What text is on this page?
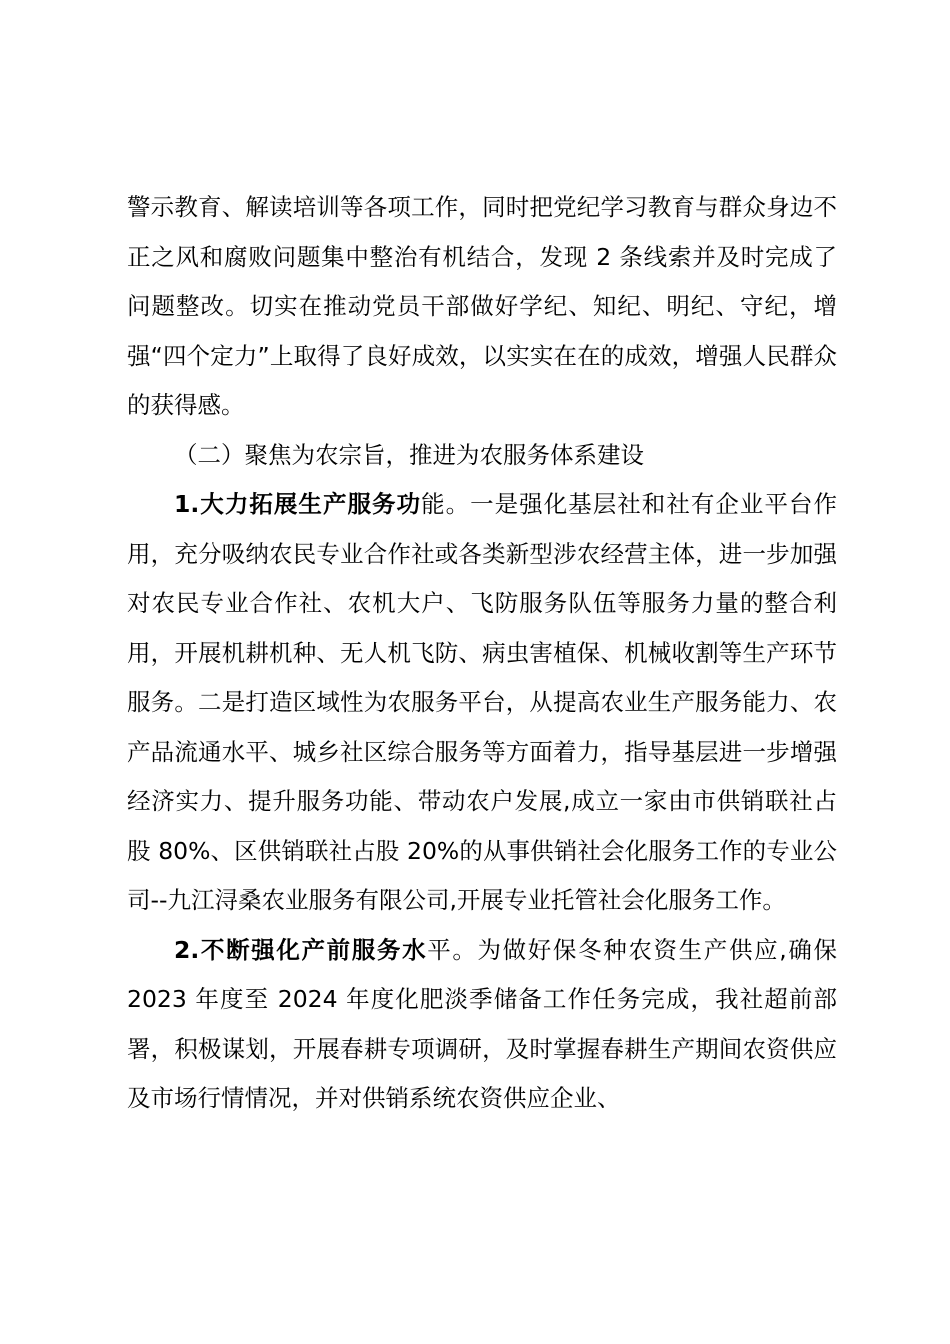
警示教育、解读培训等各项工作，同时把党纪学习教育与群众身边不正之风和腐败问题集中整治有机结合，发现 2 条线索并及时完成了问题整改。切实在推动党员干部做好学纪、知纪、明纪、守纪，增强“四个定力”上取得了良好成效，以实实在在的成效，增强人民群众的获得感。

（二）聚焦为农宗旨，推进为农服务体系建设

1.大力拓展生产服务功能。一是强化基层社和社有企业平台作用，充分吸纳农民专业合作社或各类新型涉农经营主体，进一步加强对农民专业合作社、农机大户、飞防服务队伍等服务力量的整合利用，开展机耕机种、无人机飞防、病虫害植保、机械收割等生产环节服务。二是打造区域性为农服务平台，从提高农业生产服务能力、农产品流通水平、城乡社区综合服务等方面着力，指导基层进一步增强经济实力、提升服务功能、带动农户发展,成立一家由市供销联社占股 80%、区供销联社占股 20%的从事供销社会化服务工作的专业公司--九江浔桑农业服务有限公司,开展专业托管社会化服务工作。

2.不断强化产前服务水平。为做好保冬种农资生产供应,确保 2023 年度至 2024 年度化肥淡季储备工作任务完成，我社超前部署，积极谋划，开展春耕专项调研，及时掌握春耕生产期间农资供应及市场行情情况，并对供销系统农资供应企业、
